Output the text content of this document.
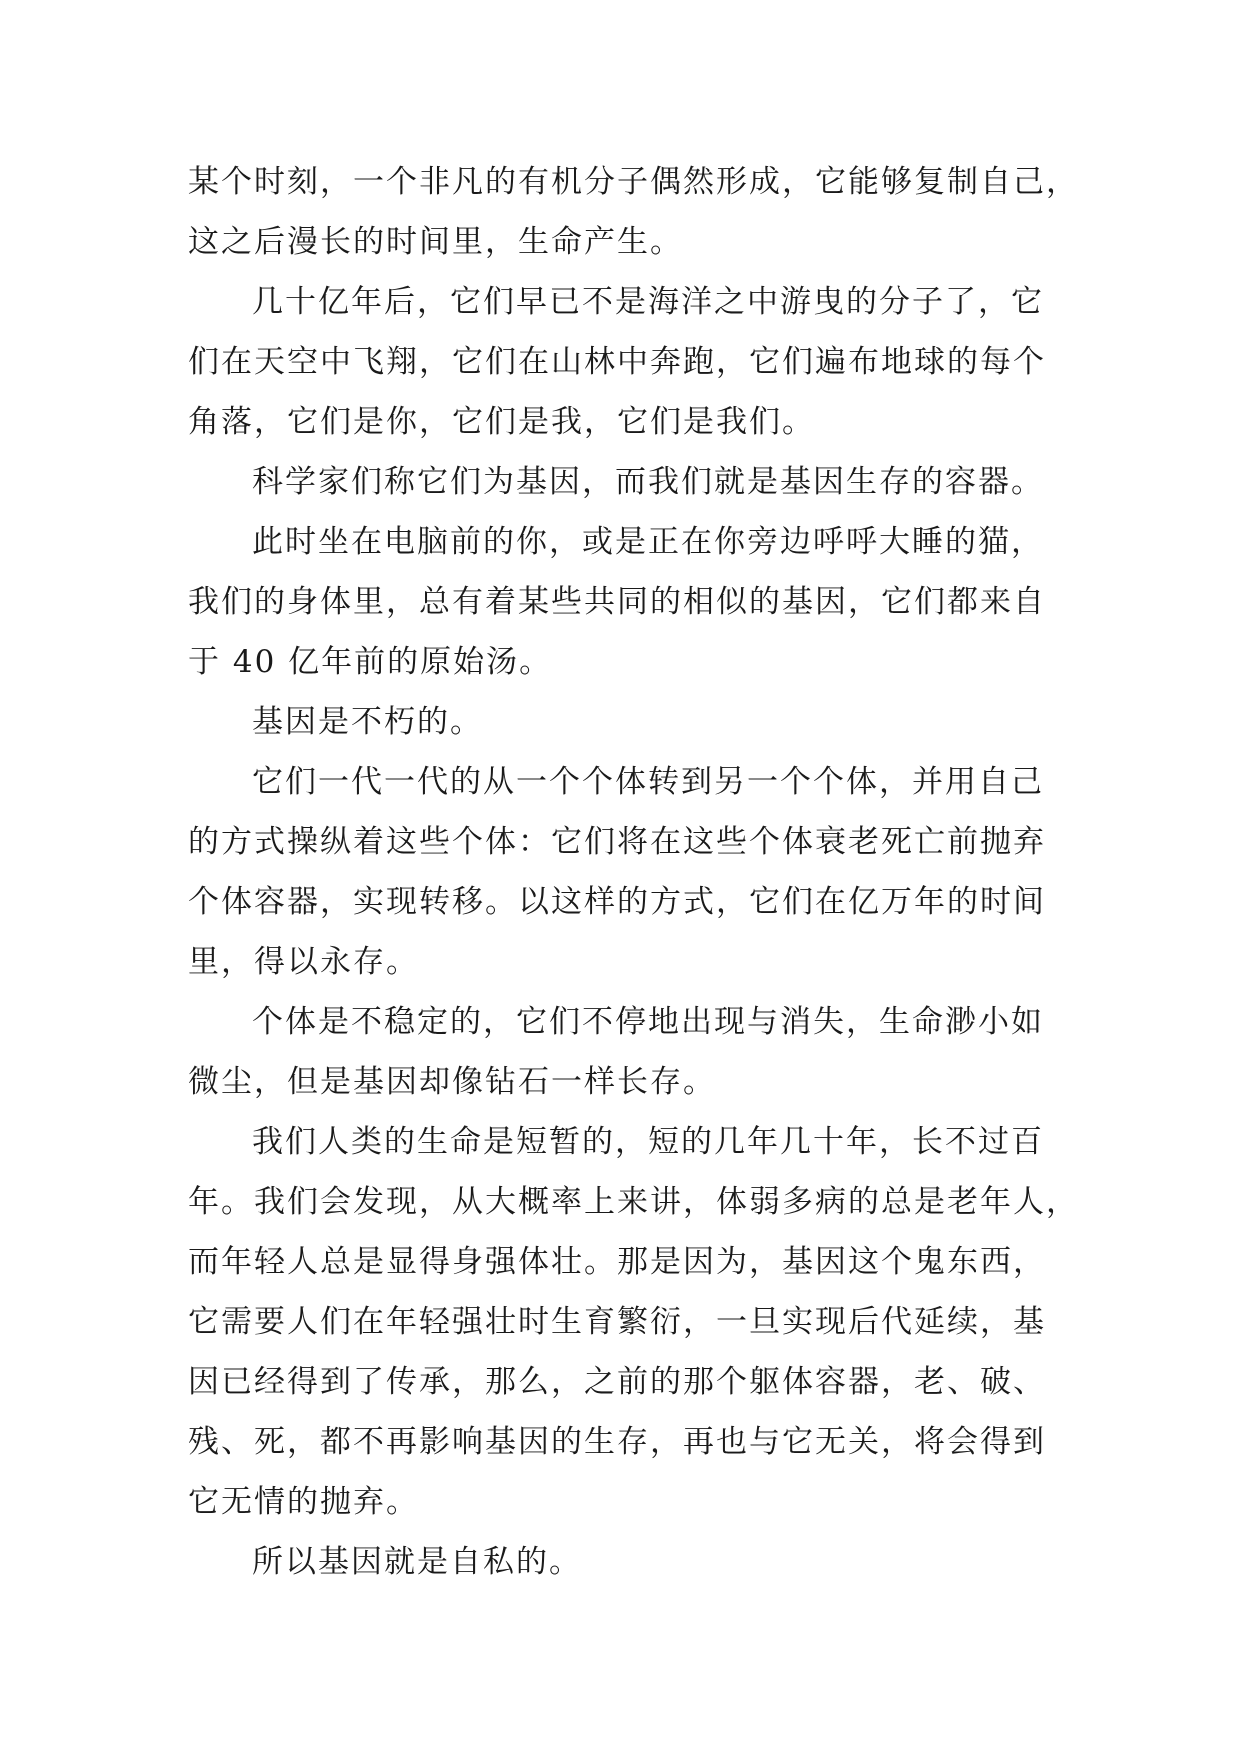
某个时刻，一个非凡的有机分子偶然形成，它能够复制自己，
这之后漫长的时间里，生命产生。
几十亿年后，它们早已不是海洋之中游曳的分子了，它
们在天空中飞翔，它们在山林中奔跑，它们遍布地球的每个
角落，它们是你，它们是我，它们是我们。
科学家们称它们为基因，而我们就是基因生存的容器。
此时坐在电脑前的你，或是正在你旁边呼呼大睡的猫，
我们的身体里，总有着某些共同的相似的基因，它们都来自
于 40 亿年前的原始汤。
基因是不朽的。
它们一代一代的从一个个体转到另一个个体，并用自己
的方式操纵着这些个体：它们将在这些个体衰老死亡前抛弃
个体容器，实现转移。以这样的方式，它们在亿万年的时间
里，得以永存。
个体是不稳定的，它们不停地出现与消失，生命渺小如
微尘，但是基因却像钻石一样长存。
我们人类的生命是短暂的，短的几年几十年，长不过百
年。我们会发现，从大概率上来讲，体弱多病的总是老年人，
而年轻人总是显得身强体壮。那是因为，基因这个鬼东西，
它需要人们在年轻强壮时生育繁衍，一旦实现后代延续，基
因已经得到了传承，那么，之前的那个躯体容器，老、破、
残、死，都不再影响基因的生存，再也与它无关，将会得到
它无情的抛弃。
所以基因就是自私的。
